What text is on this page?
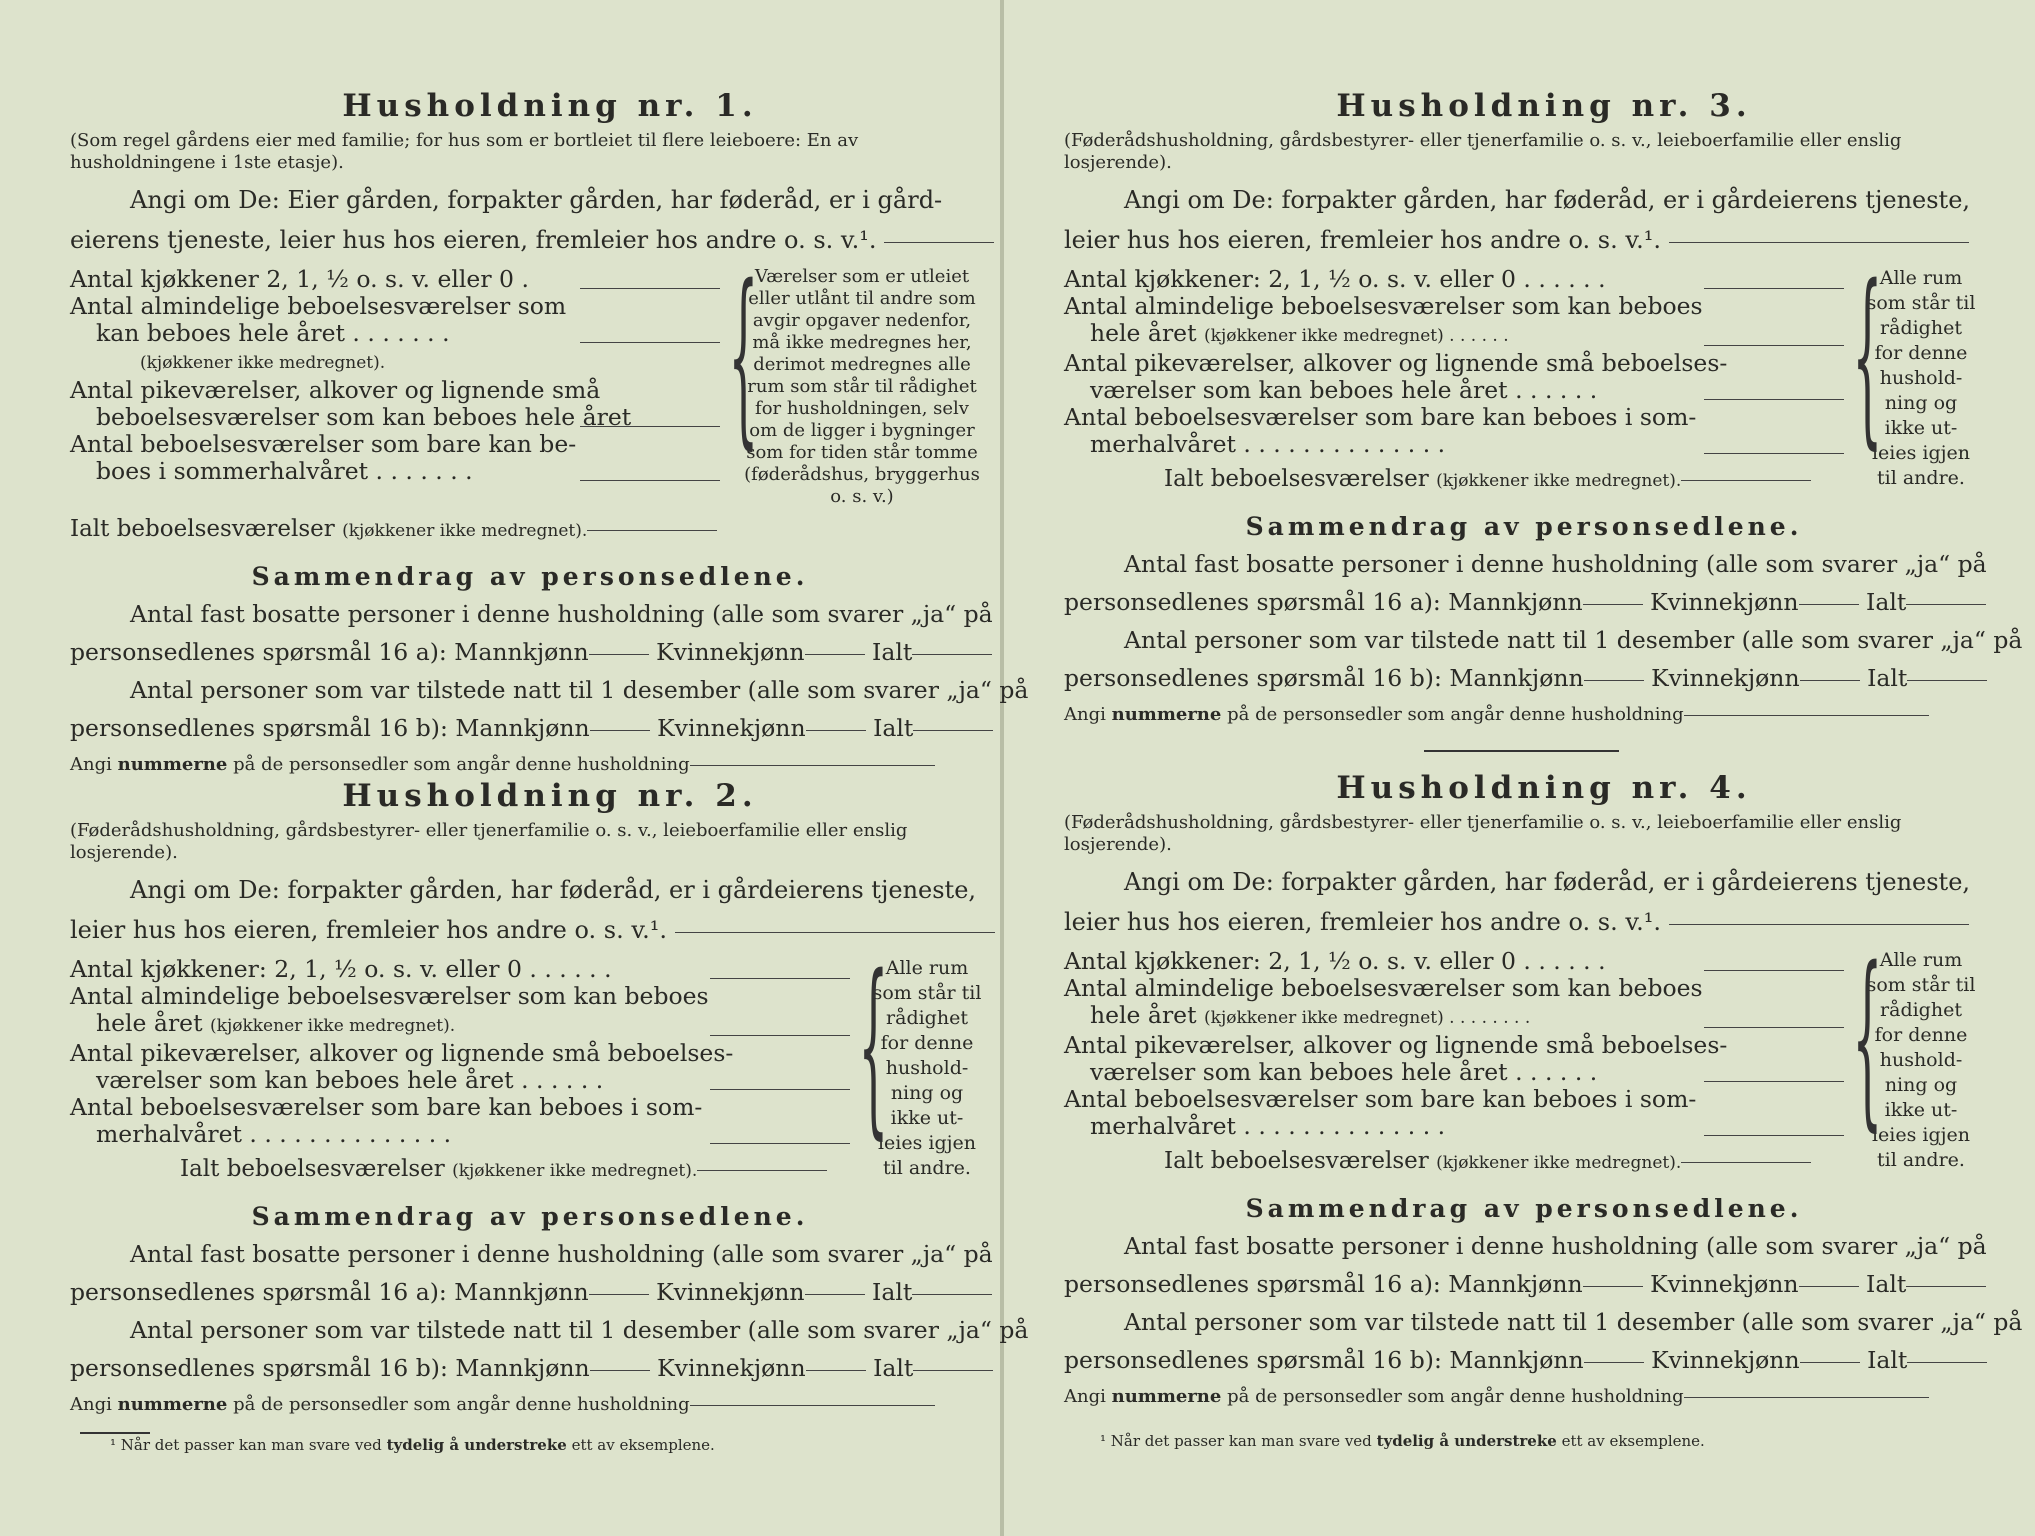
Husholdning nr. 1.
(Som regel gårdens eier med familie; for hus som er bortleiet til flere leieboere: En av husholdningene i 1ste etasje).
Angi om De: Eier gården, forpakter gården, har føderåd, er i gård-
eierens tjeneste, leier hus hos eieren, fremleier hos andre o. s. v.¹.
Antal kjøkkener 2, 1, ½ o. s. v. eller 0 .
Antal almindelige beboelsesværelser som
kan beboes hele året . . . . . . .
(kjøkkener ikke medregnet).
Antal pikeværelser, alkover og lignende små
beboelsesværelser som kan beboes hele året
Antal beboelsesværelser som bare kan be-
boes i sommerhalvåret . . . . . . .
{
Værelser som er utleiet eller utlånt til andre som avgir opgaver nedenfor, må ikke medregnes her, derimot medregnes alle rum som står til rådighet for husholdningen, selv om de ligger i bygninger som for tiden står tomme (føderådshus, bryggerhus o. s. v.)
Ialt beboelsesværelser (kjøkkener ikke medregnet).
Sammendrag av personsedlene.
Antal fast bosatte personer i denne husholdning (alle som svarer „ja“ på
personsedlenes spørsmål 16 a): Mannkjønn	Kvinnekjønn	Ialt
Antal personer som var tilstede natt til 1 desember (alle som svarer „ja“ på
personsedlenes spørsmål 16 b): Mannkjønn	Kvinnekjønn	Ialt
Angi nummerne på de personsedler som angår denne husholdning
Husholdning nr. 2.
(Føderådshusholdning, gårdsbestyrer- eller tjenerfamilie o. s. v., leieboerfamilie eller enslig losjerende).
Angi om De: forpakter gården, har føderåd, er i gårdeierens tjeneste,
leier hus hos eieren, fremleier hos andre o. s. v.¹.
Antal kjøkkener: 2, 1, ½ o. s. v. eller 0 . . . . . .
Antal almindelige beboelsesværelser som kan beboes
hele året (kjøkkener ikke medregnet).
Antal pikeværelser, alkover og lignende små beboelses-
værelser som kan beboes hele året . . . . . .
Antal beboelsesværelser som bare kan beboes i som-
merhalvåret . . . . . . . . . . . . . .
Ialt beboelsesværelser (kjøkkener ikke medregnet).
{
Alle rum som står til rådighet for denne hushold-ning og ikke ut-leies igjen til andre.
Sammendrag av personsedlene.
Antal fast bosatte personer i denne husholdning (alle som svarer „ja“ på
personsedlenes spørsmål 16 a): Mannkjønn	Kvinnekjønn	Ialt
Antal personer som var tilstede natt til 1 desember (alle som svarer „ja“ på
personsedlenes spørsmål 16 b): Mannkjønn	Kvinnekjønn	Ialt
Angi nummerne på de personsedler som angår denne husholdning
¹ Når det passer kan man svare ved tydelig å understreke ett av eksemplene.
Husholdning nr. 3.
(Føderådshusholdning, gårdsbestyrer- eller tjenerfamilie o. s. v., leieboerfamilie eller enslig losjerende).
Angi om De: forpakter gården, har føderåd, er i gårdeierens tjeneste,
leier hus hos eieren, fremleier hos andre o. s. v.¹.
Antal kjøkkener: 2, 1, ½ o. s. v. eller 0 . . . . . .
Antal almindelige beboelsesværelser som kan beboes
hele året (kjøkkener ikke medregnet) . . . . . .
Antal pikeværelser, alkover og lignende små beboelses-
værelser som kan beboes hele året . . . . . .
Antal beboelsesværelser som bare kan beboes i som-
merhalvåret . . . . . . . . . . . . . .
Ialt beboelsesværelser (kjøkkener ikke medregnet).
{
Alle rum som står til rådighet for denne hushold-ning og ikke ut-leies igjen til andre.
Sammendrag av personsedlene.
Antal fast bosatte personer i denne husholdning (alle som svarer „ja“ på
personsedlenes spørsmål 16 a): Mannkjønn	Kvinnekjønn	Ialt
Antal personer som var tilstede natt til 1 desember (alle som svarer „ja“ på
personsedlenes spørsmål 16 b): Mannkjønn	Kvinnekjønn	Ialt
Angi nummerne på de personsedler som angår denne husholdning
Husholdning nr. 4.
(Føderådshusholdning, gårdsbestyrer- eller tjenerfamilie o. s. v., leieboerfamilie eller enslig losjerende).
Angi om De: forpakter gården, har føderåd, er i gårdeierens tjeneste,
leier hus hos eieren, fremleier hos andre o. s. v.¹.
Antal kjøkkener: 2, 1, ½ o. s. v. eller 0 . . . . . .
Antal almindelige beboelsesværelser som kan beboes
hele året (kjøkkener ikke medregnet) . . . . . . . .
Antal pikeværelser, alkover og lignende små beboelses-
værelser som kan beboes hele året . . . . . .
Antal beboelsesværelser som bare kan beboes i som-
merhalvåret . . . . . . . . . . . . . .
Ialt beboelsesværelser (kjøkkener ikke medregnet).
{
Alle rum som står til rådighet for denne hushold-ning og ikke ut-leies igjen til andre.
Sammendrag av personsedlene.
Antal fast bosatte personer i denne husholdning (alle som svarer „ja“ på
personsedlenes spørsmål 16 a): Mannkjønn	Kvinnekjønn	Ialt
Antal personer som var tilstede natt til 1 desember (alle som svarer „ja“ på
personsedlenes spørsmål 16 b): Mannkjønn	Kvinnekjønn	Ialt
Angi nummerne på de personsedler som angår denne husholdning
¹ Når det passer kan man svare ved tydelig å understreke ett av eksemplene.
